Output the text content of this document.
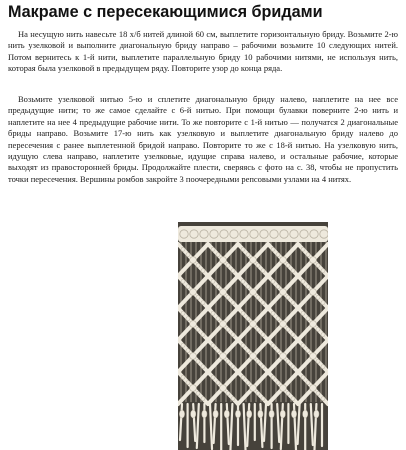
Макраме с пересекающимися бридами

На несущую нить навесьте 18 х/б нитей длиной 60 см, выплетите горизонтальную бриду. Возьмите 2-ю нить узелковой и выполните диагональную бриду направо – рабочими возьмите 10 следующих нитей. Потом вернитесь к 1-й нити, выплетите параллельную бриду 10 рабочими нитями, не используя нить, которая была узелковой в предыдущем ряду. Повторите узор до конца ряда.

Возьмите узелковой нитью 5-ю и сплетите диагональную бриду налево, наплетите на нее все предыдущие нити; то же самое сделайте с 6-й нитью. При помощи булавки поверните 2-ю нить и наплетите на нее 4 предыдущие рабочие нити. То же повторите с 1-й нитью — получатся 2 диагональные бриды направо. Возьмите 17-ю нить как узелковую и выплетите диагональную бриду налево до пересечения с ранее выплетенной бридой направо. Повторите то же с 18-й нитью. На узелковую нить, идущую слева направо, наплетите узелковые, идущие справа налево, и остальные рабочие, которые выходят из правосторонней бриды. Продолжайте плести, сверяясь с фото на с. 38, чтобы не пропустить точки пересечения. Вершины ромбов закройте 3 поочередными репсовыми узлами на 4 нитях.
